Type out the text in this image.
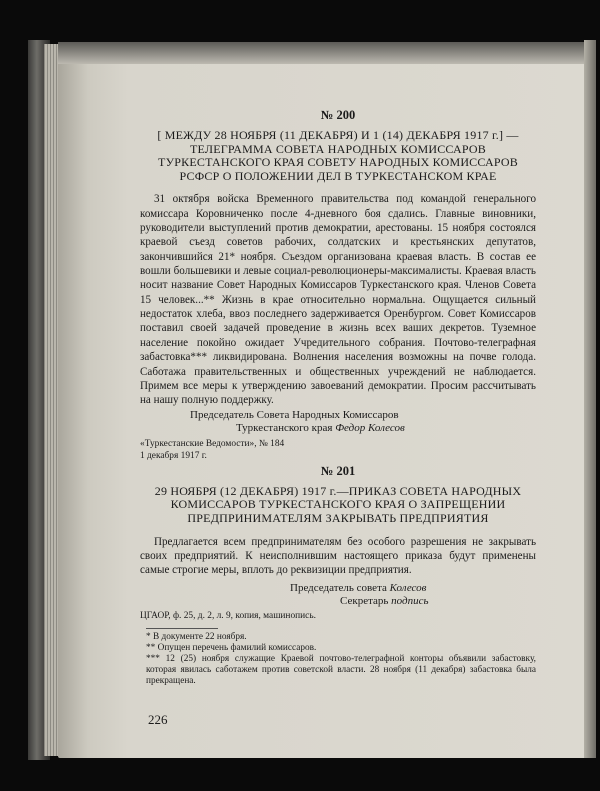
№ 200

[ МЕЖДУ 28 НОЯБРЯ (11 ДЕКАБРЯ) И 1 (14) ДЕКАБРЯ 1917 г.] —ТЕЛЕГРАММА СОВЕТА НАРОДНЫХ КОМИССАРОВ ТУРКЕСТАНСКОГО КРАЯ СОВЕТУ НАРОДНЫХ КОМИССАРОВ РСФСР О ПОЛОЖЕНИИ ДЕЛ В ТУРКЕСТАНСКОМ КРАЕ

31 октября войска Временного правительства под командой генерального комиссара Коровниченко после 4-дневного боя сдались. Главные виновники, руководители выступлений против демократии, арестованы. 15 ноября состоялся краевой съезд советов рабочих, солдатских и крестьянских депутатов, закончившийся 21* ноября. Съездом организована краевая власть. В состав ее вошли большевики и левые социал-революционеры-максималисты. Краевая власть носит название Совет Народных Комиссаров Туркестанского края. Членов Совета 15 человек...** Жизнь в крае относительно нормальна. Ощущается сильный недостаток хлеба, ввоз последнего задерживается Оренбургом. Совет Комиссаров поставил своей задачей проведение в жизнь всех ваших декретов. Туземное население покойно ожидает Учредительного собрания. Почтово-телеграфная забастовка*** ликвидирована. Волнения населения возможны на почве голода. Саботажа правительственных и общественных учреждений не наблюдается. Примем все меры к утверждению завоеваний демократии. Просим рассчитывать на нашу полную поддержку.

Председатель Совета Народных Комиссаров

Туркестанского края Федор Колесов

«Туркестанские Ведомости», № 184

1 декабря 1917 г.

№ 201

29 НОЯБРЯ (12 ДЕКАБРЯ) 1917 г.—ПРИКАЗ СОВЕТА НАРОДНЫХ КОМИССАРОВ ТУРКЕСТАНСКОГО КРАЯ О ЗАПРЕЩЕНИИ ПРЕДПРИНИМАТЕЛЯМ ЗАКРЫВАТЬ ПРЕДПРИЯТИЯ

Предлагается всем предпринимателям без особого разрешения не закрывать своих предприятий. К неисполнившим настоящего приказа будут применены самые строгие меры, вплоть до реквизиции предприятия.

Председатель совета Колесов

Секретарь подпись

ЦГАОР, ф. 25, д. 2, л. 9, копия, машинопись.

* В документе 22 ноября.

** Опущен перечень фамилий комиссаров.

*** 12 (25) ноября служащие Краевой почтово-телеграфной конторы объявили забастовку, которая явилась саботажем против советской власти. 28 ноября (11 декабря) забастовка была прекращена.

226
